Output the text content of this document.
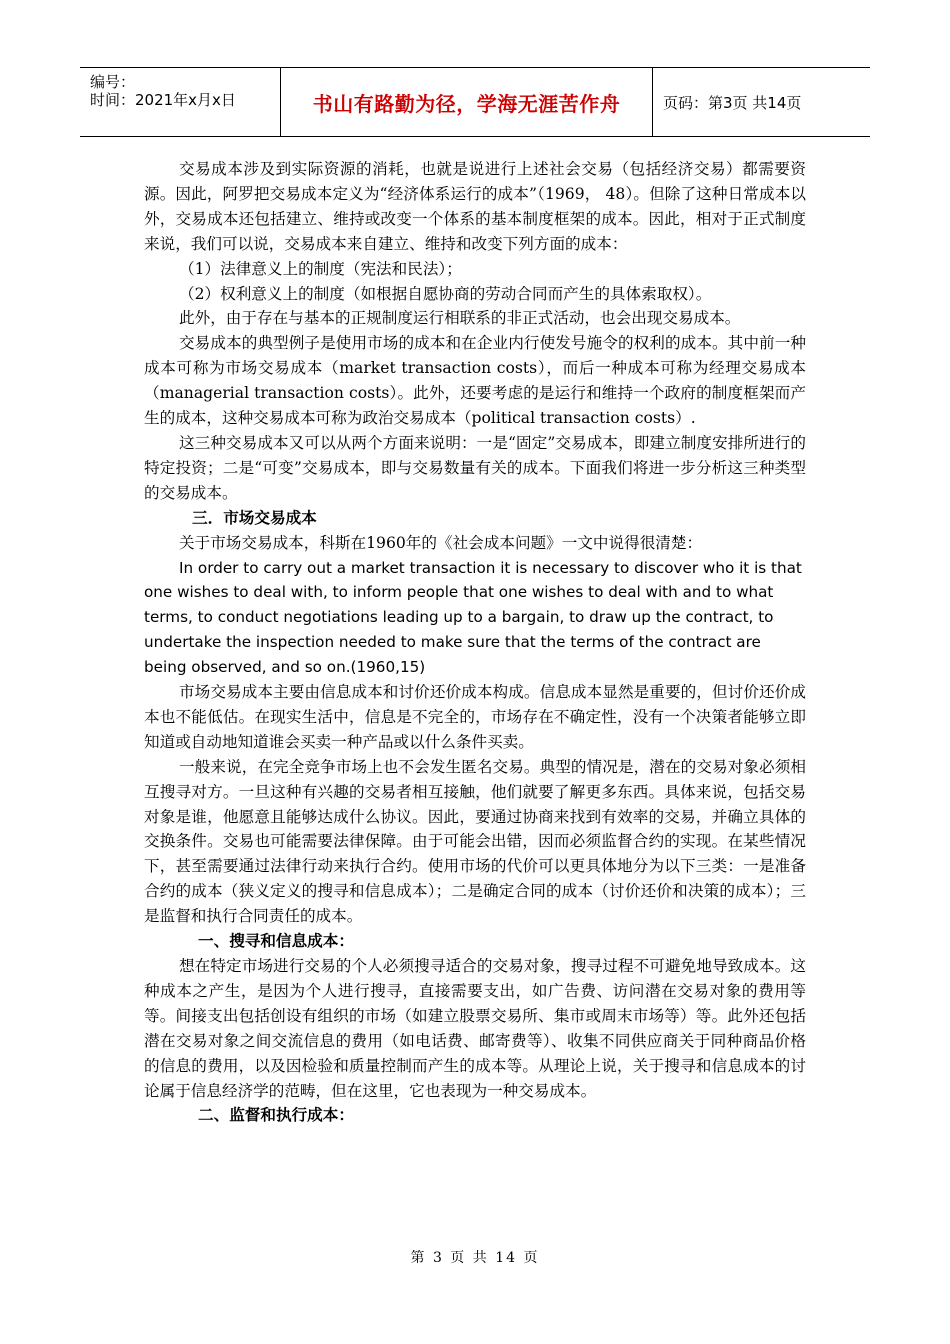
编号：
时间：2021年x月x日	书山有路勤为径，学海无涯苦作舟	页码：第3页 共14页

交易成本涉及到实际资源的消耗，也就是说进行上述社会交易（包括经济交易）都需要资源。因此，阿罗把交易成本定义为“经济体系运行的成本”（1969， 48）。但除了这种日常成本以外，交易成本还包括建立、维持或改变一个体系的基本制度框架的成本。因此，相对于正式制度来说，我们可以说，交易成本来自建立、维持和改变下列方面的成本：

（1）法律意义上的制度（宪法和民法）；

（2）权利意义上的制度（如根据自愿协商的劳动合同而产生的具体索取权）。

此外，由于存在与基本的正规制度运行相联系的非正式活动，也会出现交易成本。

交易成本的典型例子是使用市场的成本和在企业内行使发号施令的权利的成本。其中前一种成本可称为市场交易成本（market transaction costs），而后一种成本可称为经理交易成本（managerial transaction costs）。此外，还要考虑的是运行和维持一个政府的制度框架而产生的成本，这种交易成本可称为政治交易成本（political transaction costs）.

这三种交易成本又可以从两个方面来说明：一是“固定”交易成本，即建立制度安排所进行的特定投资；二是“可变”交易成本，即与交易数量有关的成本。下面我们将进一步分析这三种类型的交易成本。

三．市场交易成本

关于市场交易成本，科斯在1960年的《社会成本问题》一文中说得很清楚：

In order to carry out a market transaction it is necessary to discover who it is that one wishes to deal with, to inform people that one wishes to deal with and to what terms, to conduct negotiations leading up to a bargain, to draw up the contract, to undertake the inspection needed to make sure that the terms of the contract are being observed, and so on.(1960,15)

市场交易成本主要由信息成本和讨价还价成本构成。信息成本显然是重要的，但讨价还价成本也不能低估。在现实生活中，信息是不完全的，市场存在不确定性，没有一个决策者能够立即知道或自动地知道谁会买卖一种产品或以什么条件买卖。

一般来说，在完全竞争市场上也不会发生匿名交易。典型的情况是，潜在的交易对象必须相互搜寻对方。一旦这种有兴趣的交易者相互接触，他们就要了解更多东西。具体来说，包括交易对象是谁，他愿意且能够达成什么协议。因此，要通过协商来找到有效率的交易，并确立具体的交换条件。交易也可能需要法律保障。由于可能会出错，因而必须监督合约的实现。在某些情况下，甚至需要通过法律行动来执行合约。使用市场的代价可以更具体地分为以下三类：一是准备合约的成本（狭义定义的搜寻和信息成本）；二是确定合同的成本（讨价还价和决策的成本）；三是监督和执行合同责任的成本。

一、搜寻和信息成本：

想在特定市场进行交易的个人必须搜寻适合的交易对象，搜寻过程不可避免地导致成本。这种成本之产生，是因为个人进行搜寻，直接需要支出，如广告费、访问潜在交易对象的费用等等。间接支出包括创设有组织的市场（如建立股票交易所、集市或周末市场等）等。此外还包括潜在交易对象之间交流信息的费用（如电话费、邮寄费等）、收集不同供应商关于同种商品价格的信息的费用，以及因检验和质量控制而产生的成本等。从理论上说，关于搜寻和信息成本的讨论属于信息经济学的范畴，但在这里，它也表现为一种交易成本。

二、监督和执行成本：

第 3 页 共 14 页
